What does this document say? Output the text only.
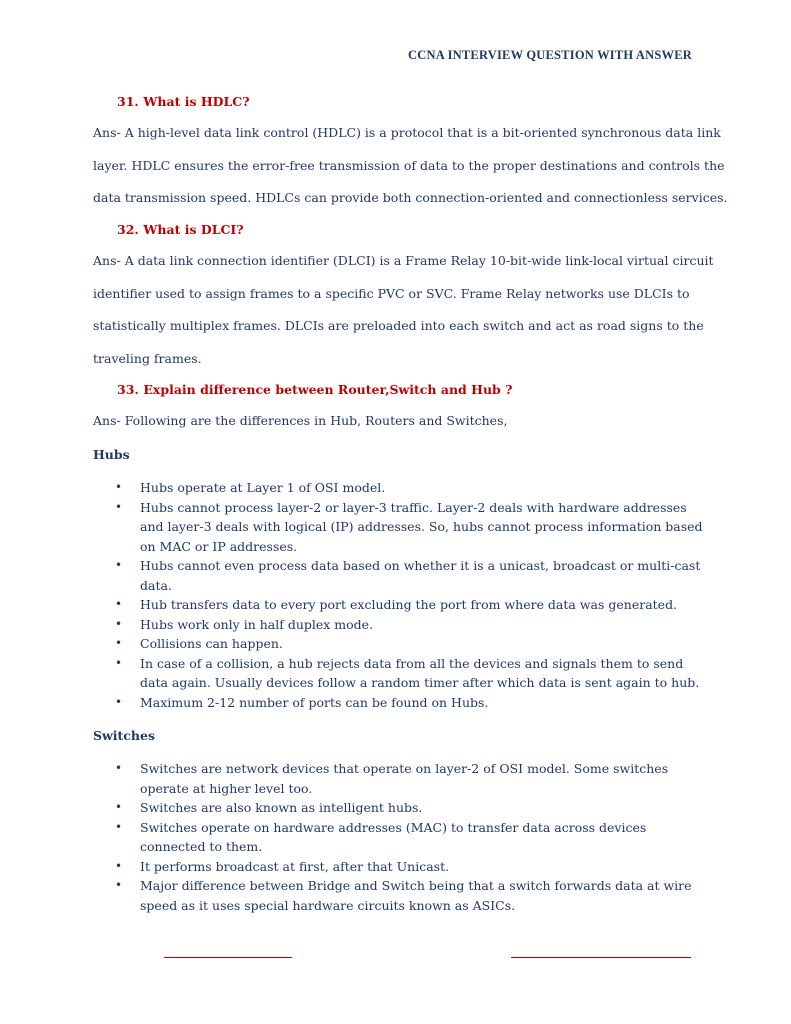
CCNA INTERVIEW QUESTION WITH ANSWER
31. What is HDLC?
Ans- A high-level data link control (HDLC) is a protocol that is a bit-oriented synchronous data link
layer. HDLC ensures the error-free transmission of data to the proper destinations and controls the
data transmission speed. HDLCs can provide both connection-oriented and connectionless services.
32. What is DLCI?
Ans- A data link connection identifier (DLCI) is a Frame Relay 10-bit-wide link-local virtual circuit
identifier used to assign frames to a specific PVC or SVC. Frame Relay networks use DLCIs to
statistically multiplex frames. DLCIs are preloaded into each switch and act as road signs to the
traveling frames.
33. Explain difference between Router,Switch and Hub ?
Ans- Following are the differences in Hub, Routers and Switches,
Hubs
• Hubs operate at Layer 1 of OSI model.
• Hubs cannot process layer-2 or layer-3 traffic. Layer-2 deals with hardware addresses and layer-3 deals with logical (IP) addresses. So, hubs cannot process information based on MAC or IP addresses.
• Hubs cannot even process data based on whether it is a unicast, broadcast or multi-cast data.
• Hub transfers data to every port excluding the port from where data was generated.
• Hubs work only in half duplex mode.
• Collisions can happen.
• In case of a collision, a hub rejects data from all the devices and signals them to send data again. Usually devices follow a random timer after which data is sent again to hub.
• Maximum 2-12 number of ports can be found on Hubs.
Switches
• Switches are network devices that operate on layer-2 of OSI model. Some switches operate at higher level too.
• Switches are also known as intelligent hubs.
• Switches operate on hardware addresses (MAC) to transfer data across devices connected to them.
• It performs broadcast at first, after that Unicast.
• Major difference between Bridge and Switch being that a switch forwards data at wire speed as it uses special hardware circuits known as ASICs.
